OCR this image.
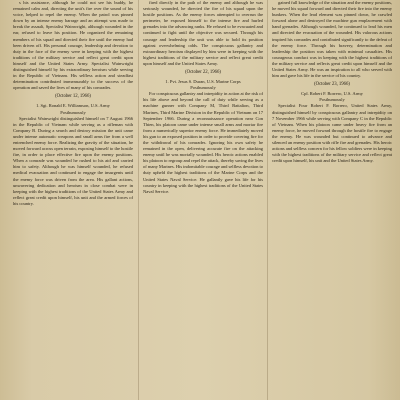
s his assistance, although he could not see his buddy, he remained calm and, directing the unit's fire over the sound of his voice, helped to repel the enemy. When the patrol was pinned down by an intense enemy barrage and an attempt was made to break the assault, Specialist Wainwright, although wounded in the ear, refused to leave his position. He organized the remaining members of his squad and directed their fire until the enemy had been driven off. His personal courage, leadership and devotion to duty in the face of the enemy were in keeping with the highest traditions of the military service and reflect great credit upon himself and the United States Army. Specialist Wainwright distinguished himself by his extraordinary heroism while serving in the Republic of Vietnam. His selfless action and steadfast determination contributed immeasurably to the success of the operation and saved the lives of many of his comrades.

(October 12, 1966)

1. Sgt. Ronald E. Williamson, U.S. Army

Posthumously

Specialist Wainwright distinguished himself on 7 August 1966 in the Republic of Vietnam while serving as a rifleman with Company B. During a search and destroy mission the unit came under intense automatic weapons and small arms fire from a well entrenched enemy force. Realizing the gravity of the situation, he moved forward across open terrain, exposing himself to the hostile fire, in order to place effective fire upon the enemy positions. When a comrade was wounded he rushed to his aid and carried him to safety. Although he was himself wounded, he refused medical evacuation and continued to engage the insurgents until the enemy force was driven from the area. His gallant actions, unwavering dedication and heroism in close combat were in keeping with the highest traditions of the United States Army and reflect great credit upon himself, his unit and the armed forces of his country.

fired directly in the path of the enemy and although he was seriously wounded, he directed the fire of his squad upon the hostile positions. As the enemy forces attempted to overrun the perimeter, he exposed himself to the intense fire and hurled grenades into the advancing ranks. He refused to be evacuated and continued to fight until the objective was secured. Through his courage and leadership the unit was able to hold its position against overwhelming odds. The conspicuous gallantry and extraordinary heroism displayed by him were in keeping with the highest traditions of the military service and reflect great credit upon himself and the United States Army.

(October 22, 1966)

1. Pvt. Jesus S. Duran, U.S. Marine Corps

Posthumously

For conspicuous gallantry and intrepidity in action at the risk of his life above and beyond the call of duty while serving as a machine gunner with Company M, Third Battalion, Third Marines, Third Marine Division in the Republic of Vietnam on 17 September 1966. During a reconnaissance operation near Con Thien, his platoon came under intense small arms and mortar fire from a numerically superior enemy force. He immediately moved his gun to an exposed position in order to provide covering fire for the withdrawal of his comrades. Ignoring his own safety he remained in the open, delivering accurate fire on the attacking enemy until he was mortally wounded. His heroic actions enabled his platoon to regroup and repel the attack, thereby saving the lives of many Marines. His indomitable courage and selfless devotion to duty upheld the highest traditions of the Marine Corps and the United States Naval Service. He gallantly gave his life for his country in keeping with the highest traditions of the United States Naval Service.

gained full knowledge of the situation and the enemy positions, he moved his squad forward and directed their fire into the enemy bunkers. When the lead element was pinned down, he crawled forward alone and destroyed the machine gun emplacement with hand grenades. Although wounded, he continued to lead his men and directed the evacuation of the wounded. His valorous actions inspired his comrades and contributed significantly to the defeat of the enemy force. Through his bravery, determination and leadership the position was taken with minimal casualties. His courageous conduct was in keeping with the highest traditions of the military service and reflects great credit upon himself and the United States Army. He was an inspiration to all who served with him and gave his life in the service of his country.

(October 23, 1966)

Cpl. Robert F. Borrero, U.S. Army

Posthumously

Specialist Four Robert F. Borrero, United States Army, distinguished himself by conspicuous gallantry and intrepidity on 7 November 1966 while serving with Company C in the Republic of Vietnam. When his platoon came under heavy fire from an enemy force, he moved forward through the hostile fire to engage the enemy. He was wounded but continued to advance and silenced an enemy position with rifle fire and grenades. His heroic actions and selfless concern for his fellow soldiers were in keeping with the highest traditions of the military service and reflect great credit upon himself, his unit and the United States Army.
